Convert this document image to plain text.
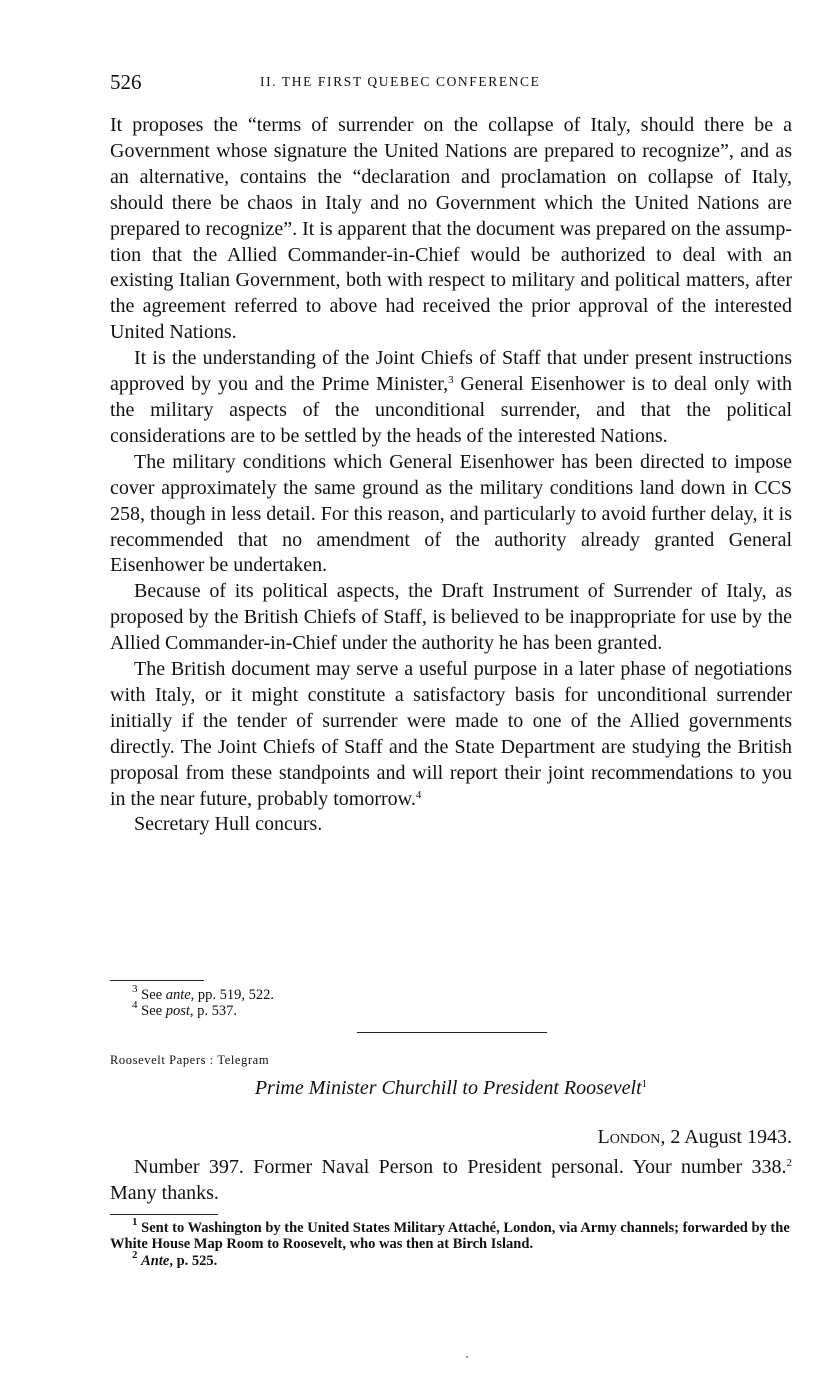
526	II. THE FIRST QUEBEC CONFERENCE

It proposes the “terms of surrender on the collapse of Italy, should there be a Government whose signature the United Nations are prepared to recognize”, and as an alternative, contains the “declaration and proclamation on collapse of Italy, should there be chaos in Italy and no Government which the United Nations are prepared to recognize”. It is apparent that the document was prepared on the assumption that the Allied Commander-in-Chief would be authorized to deal with an existing Italian Government, both with respect to military and political matters, after the agreement referred to above had received the prior approval of the interested United Nations.

It is the understanding of the Joint Chiefs of Staff that under present instructions approved by you and the Prime Minister,$^3$ General Eisenhower is to deal only with the military aspects of the unconditional surrender, and that the political considerations are to be settled by the heads of the interested Nations.

The military conditions which General Eisenhower has been directed to impose cover approximately the same ground as the military conditions land down in CCS 258, though in less detail. For this reason, and particularly to avoid further delay, it is recommended that no amendment of the authority already granted General Eisenhower be undertaken.

Because of its political aspects, the Draft Instrument of Surrender of Italy, as proposed by the British Chiefs of Staff, is believed to be inappropriate for use by the Allied Commander-in-Chief under the authority he has been granted.

The British document may serve a useful purpose in a later phase of negotiations with Italy, or it might constitute a satisfactory basis for unconditional surrender initially if the tender of surrender were made to one of the Allied governments directly. The Joint Chiefs of Staff and the State Department are studying the British proposal from these standpoints and will report their joint recommendations to you in the near future, probably tomorrow.$^4$

Secretary Hull concurs.

$^3$ See ante, pp. 519, 522.
$^4$ See post, p. 537.
Roosevelt Papers : Telegram
Prime Minister Churchill to President Roosevelt$^1$
London, 2 August 1943.

Number 397. Former Naval Person to President personal. Your number 338.$^2$ Many thanks.

$^1$ Sent to Washington by the United States Military Attaché, London, via Army channels; forwarded by the White House Map Room to Roosevelt, who was then at Birch Island.

$^2$ Ante, p. 525.
